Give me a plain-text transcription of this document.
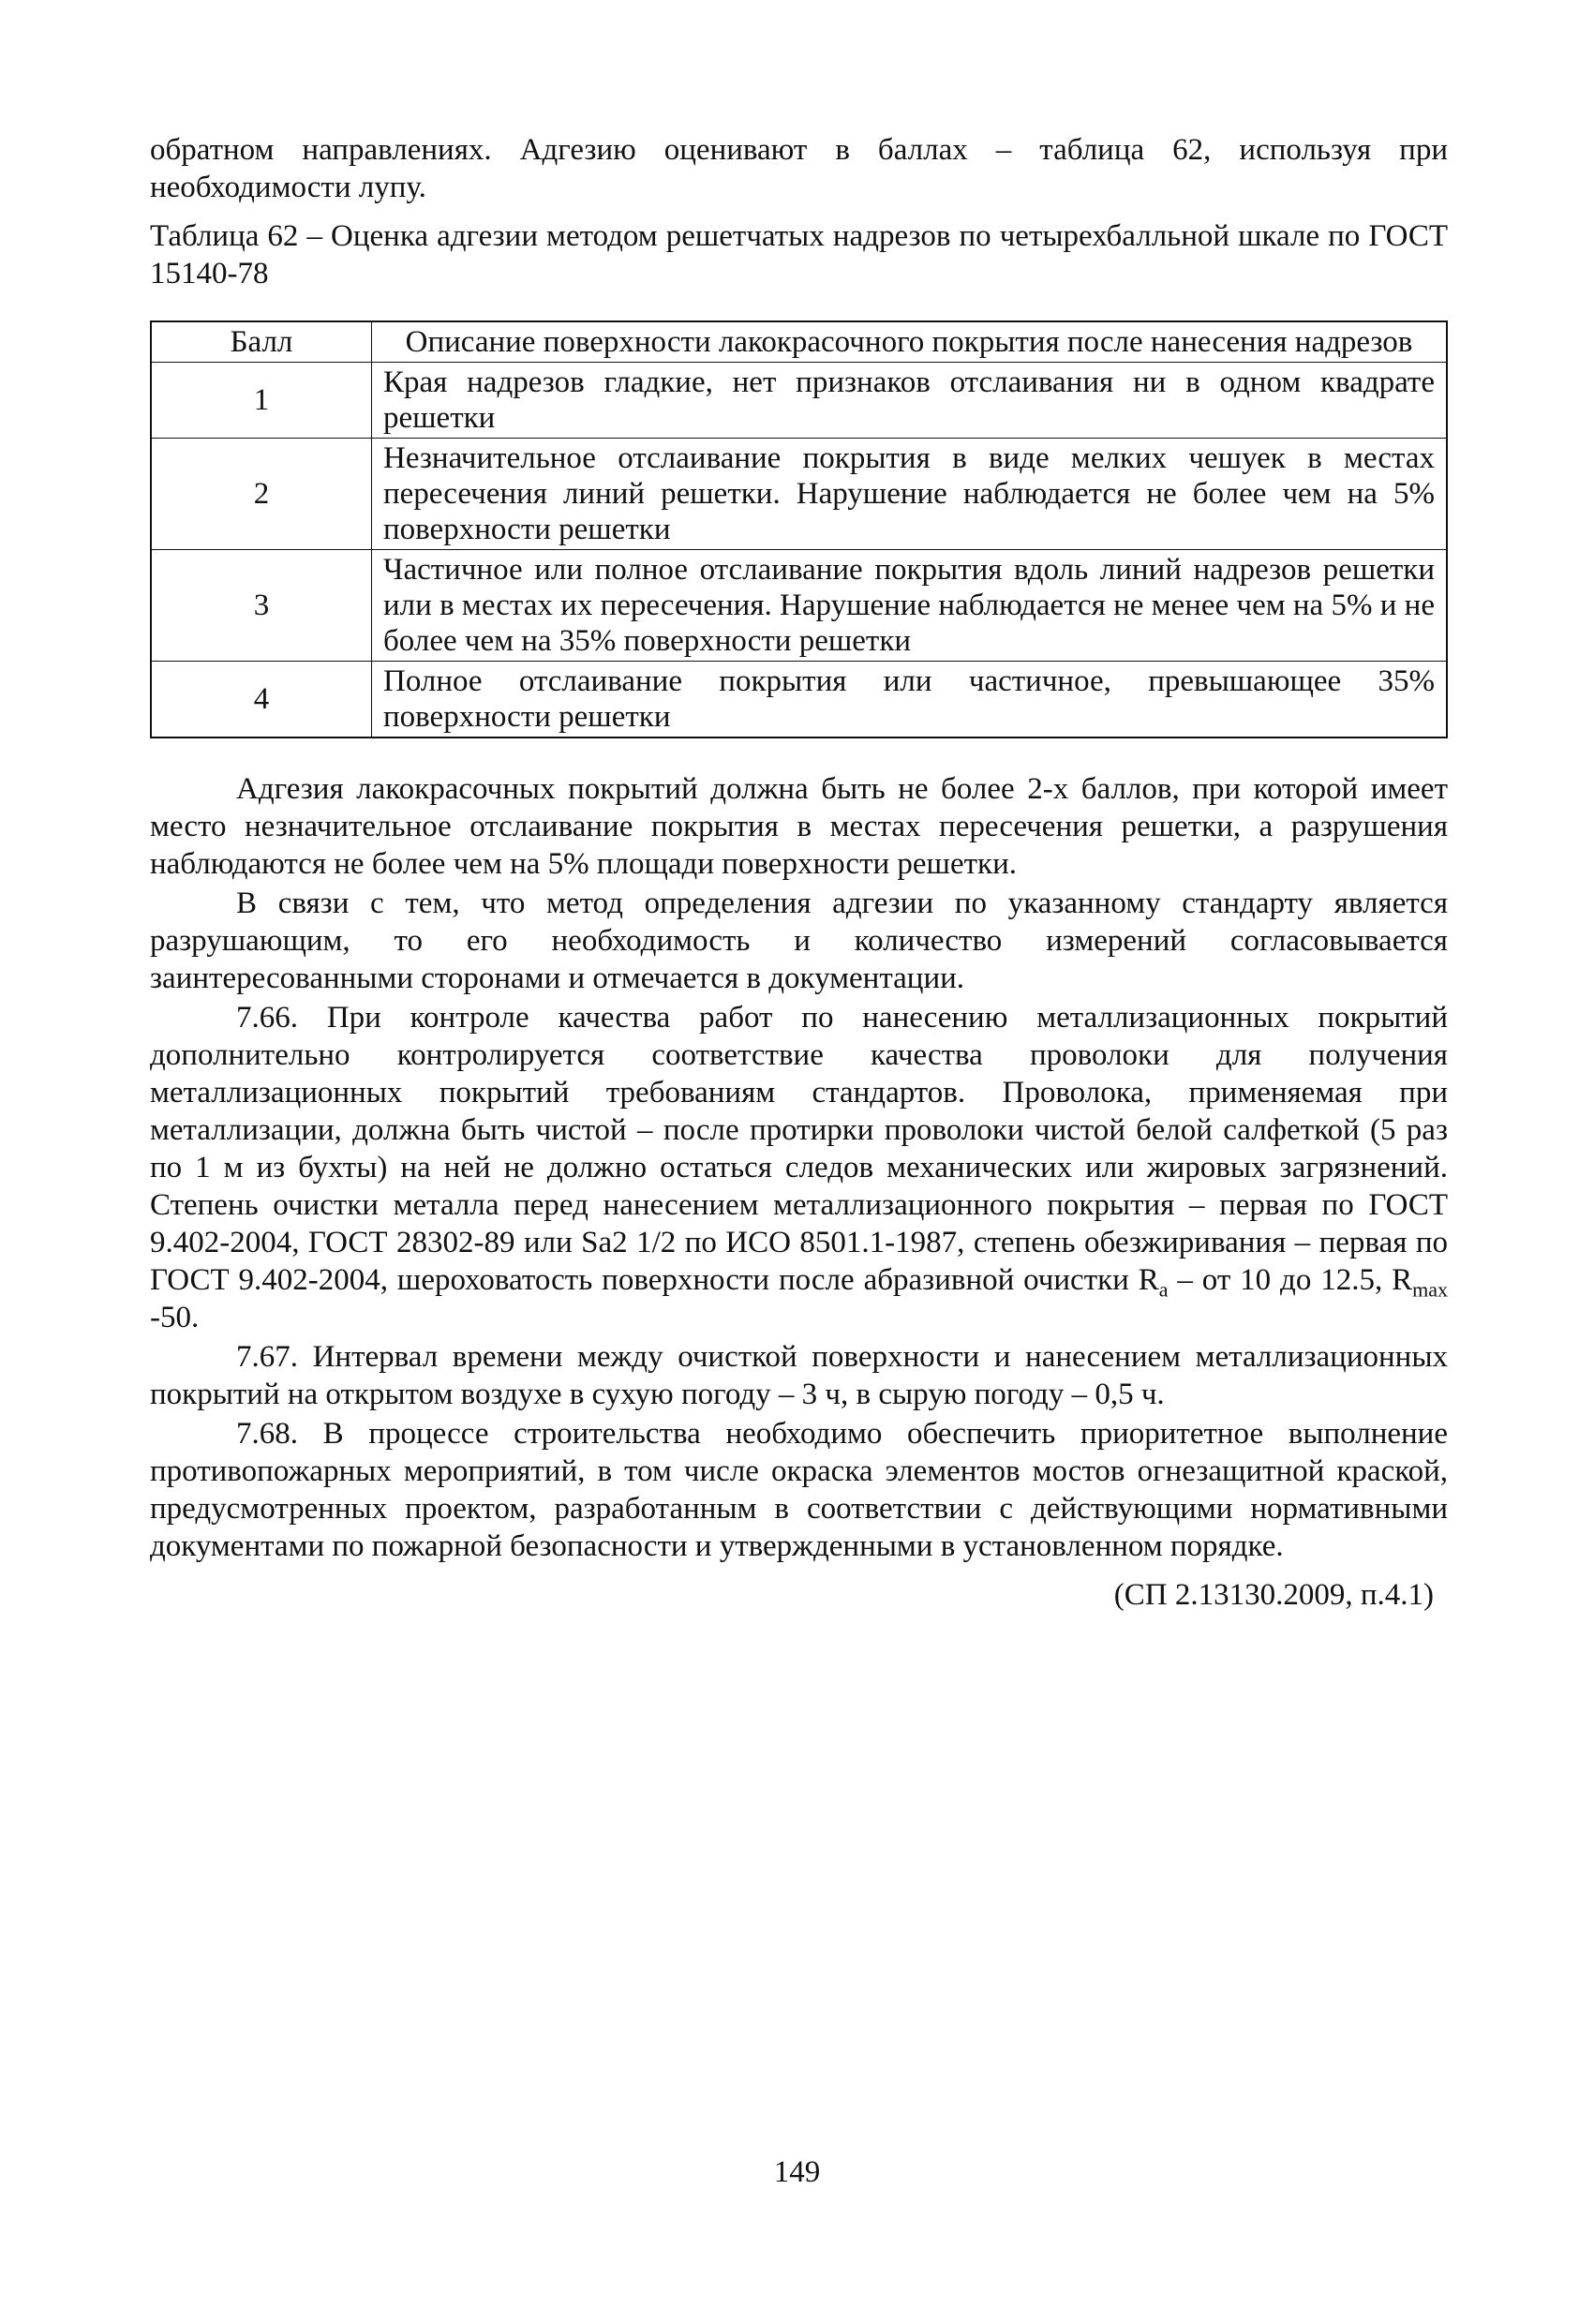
обратном направлениях. Адгезию оценивают в баллах – таблица 62, используя при необходимости лупу.

Таблица 62 – Оценка адгезии методом решетчатых надрезов по четырехбалльной шкале по ГОСТ 15140-78

Балл	Описание поверхности лакокрасочного покрытия после нанесения надрезов
1	Края надрезов гладкие, нет признаков отслаивания ни в одном квадрате решетки
2	Незначительное отслаивание покрытия в виде мелких чешуек в местах пересечения линий решетки. Нарушение наблюдается не более чем на 5% поверхности решетки
3	Частичное или полное отслаивание покрытия вдоль линий надрезов решетки или в местах их пересечения. Нарушение наблюдается не менее чем на 5% и не более чем на 35% поверхности решетки
4	Полное отслаивание покрытия или частичное, превышающее 35% поверхности решетки

Адгезия лакокрасочных покрытий должна быть не более 2-х баллов, при которой имеет место незначительное отслаивание покрытия в местах пересечения решетки, а разрушения наблюдаются не более чем на 5% площади поверхности решетки.

В связи с тем, что метод определения адгезии по указанному стандарту является разрушающим, то его необходимость и количество измерений согласовывается заинтересованными сторонами и отмечается в документации.

7.66. При контроле качества работ по нанесению металлизационных покрытий дополнительно контролируется соответствие качества проволоки для получения металлизационных покрытий требованиям стандартов. Проволока, применяемая при металлизации, должна быть чистой – после протирки проволоки чистой белой салфеткой (5 раз по 1 м из бухты) на ней не должно остаться следов механических или жировых загрязнений. Степень очистки металла перед нанесением металлизационного покрытия – первая по ГОСТ 9.402-2004, ГОСТ 28302-89 или Sa2 1/2 по ИСО 8501.1-1987, степень обезжиривания – первая по ГОСТ 9.402-2004, шероховатость поверхности после абразивной очистки $R_a$ – от 10 до 12.5, $R_{max}$ -50.

7.67. Интервал времени между очисткой поверхности и нанесением металлизационных покрытий на открытом воздухе в сухую погоду – 3 ч, в сырую погоду – 0,5 ч.

7.68. В процессе строительства необходимо обеспечить приоритетное выполнение противопожарных мероприятий, в том числе окраска элементов мостов огнезащитной краской, предусмотренных проектом, разработанным в соответствии с действующими нормативными документами по пожарной безопасности и утвержденными в установленном порядке.

(СП 2.13130.2009, п.4.1)

149
